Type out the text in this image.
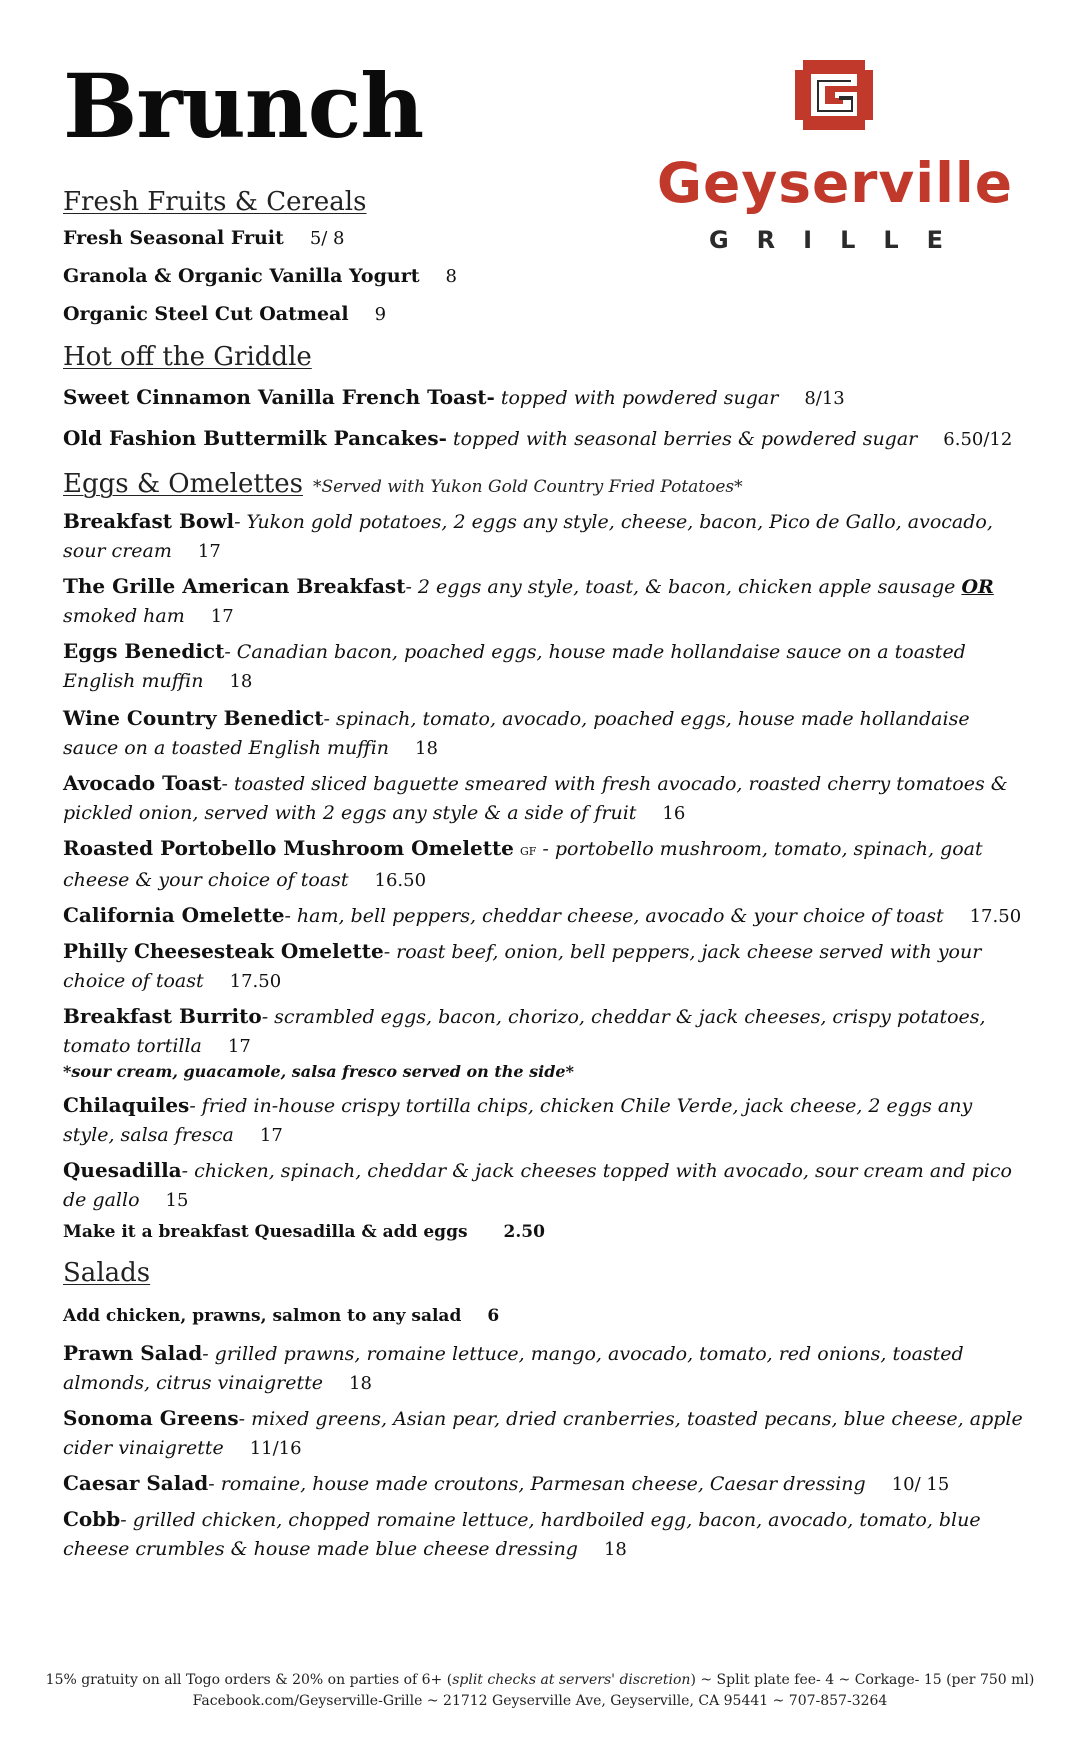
Brunch
Geyserville
GRILLE

Fresh Fruits & Cereals

Fresh Seasonal Fruit 5/ 8

Granola & Organic Vanilla Yogurt 8

Organic Steel Cut Oatmeal 9

Hot off the Griddle

Sweet Cinnamon Vanilla French Toast- topped with powdered sugar 8/13

Old Fashion Buttermilk Pancakes- topped with seasonal berries & powdered sugar 6.50/12

Eggs & Omelettes *Served with Yukon Gold Country Fried Potatoes*

Breakfast Bowl- Yukon gold potatoes, 2 eggs any style, cheese, bacon, Pico de Gallo, avocado, sour cream 17

The Grille American Breakfast- 2 eggs any style, toast, & bacon, chicken apple sausage OR smoked ham 17

Eggs Benedict- Canadian bacon, poached eggs, house made hollandaise sauce on a toasted English muffin 18

Wine Country Benedict- spinach, tomato, avocado, poached eggs, house made hollandaise sauce on a toasted English muffin 18

Avocado Toast- toasted sliced baguette smeared with fresh avocado, roasted cherry tomatoes & pickled onion, served with 2 eggs any style & a side of fruit 16

Roasted Portobello Mushroom Omelette GF - portobello mushroom, tomato, spinach, goat cheese & your choice of toast 16.50

California Omelette- ham, bell peppers, cheddar cheese, avocado & your choice of toast 17.50

Philly Cheesesteak Omelette- roast beef, onion, bell peppers, jack cheese served with your choice of toast 17.50

Breakfast Burrito- scrambled eggs, bacon, chorizo, cheddar & jack cheeses, crispy potatoes, tomato tortilla 17

*sour cream, guacamole, salsa fresco served on the side*

Chilaquiles- fried in-house crispy tortilla chips, chicken Chile Verde, jack cheese, 2 eggs any style, salsa fresca 17

Quesadilla- chicken, spinach, cheddar & jack cheeses topped with avocado, sour cream and pico de gallo 15

Make it a breakfast Quesadilla & add eggs 2.50

Salads

Add chicken, prawns, salmon to any salad 6

Prawn Salad- grilled prawns, romaine lettuce, mango, avocado, tomato, red onions, toasted almonds, citrus vinaigrette 18

Sonoma Greens- mixed greens, Asian pear, dried cranberries, toasted pecans, blue cheese, apple cider vinaigrette 11/16

Caesar Salad- romaine, house made croutons, Parmesan cheese, Caesar dressing 10/ 15

Cobb- grilled chicken, chopped romaine lettuce, hardboiled egg, bacon, avocado, tomato, blue cheese crumbles & house made blue cheese dressing 18

15% gratuity on all Togo orders & 20% on parties of 6+ (split checks at servers' discretion) ~ Split plate fee- 4 ~ Corkage- 15 (per 750 ml)
Facebook.com/Geyserville-Grille ~ 21712 Geyserville Ave, Geyserville, CA 95441 ~ 707-857-3264
